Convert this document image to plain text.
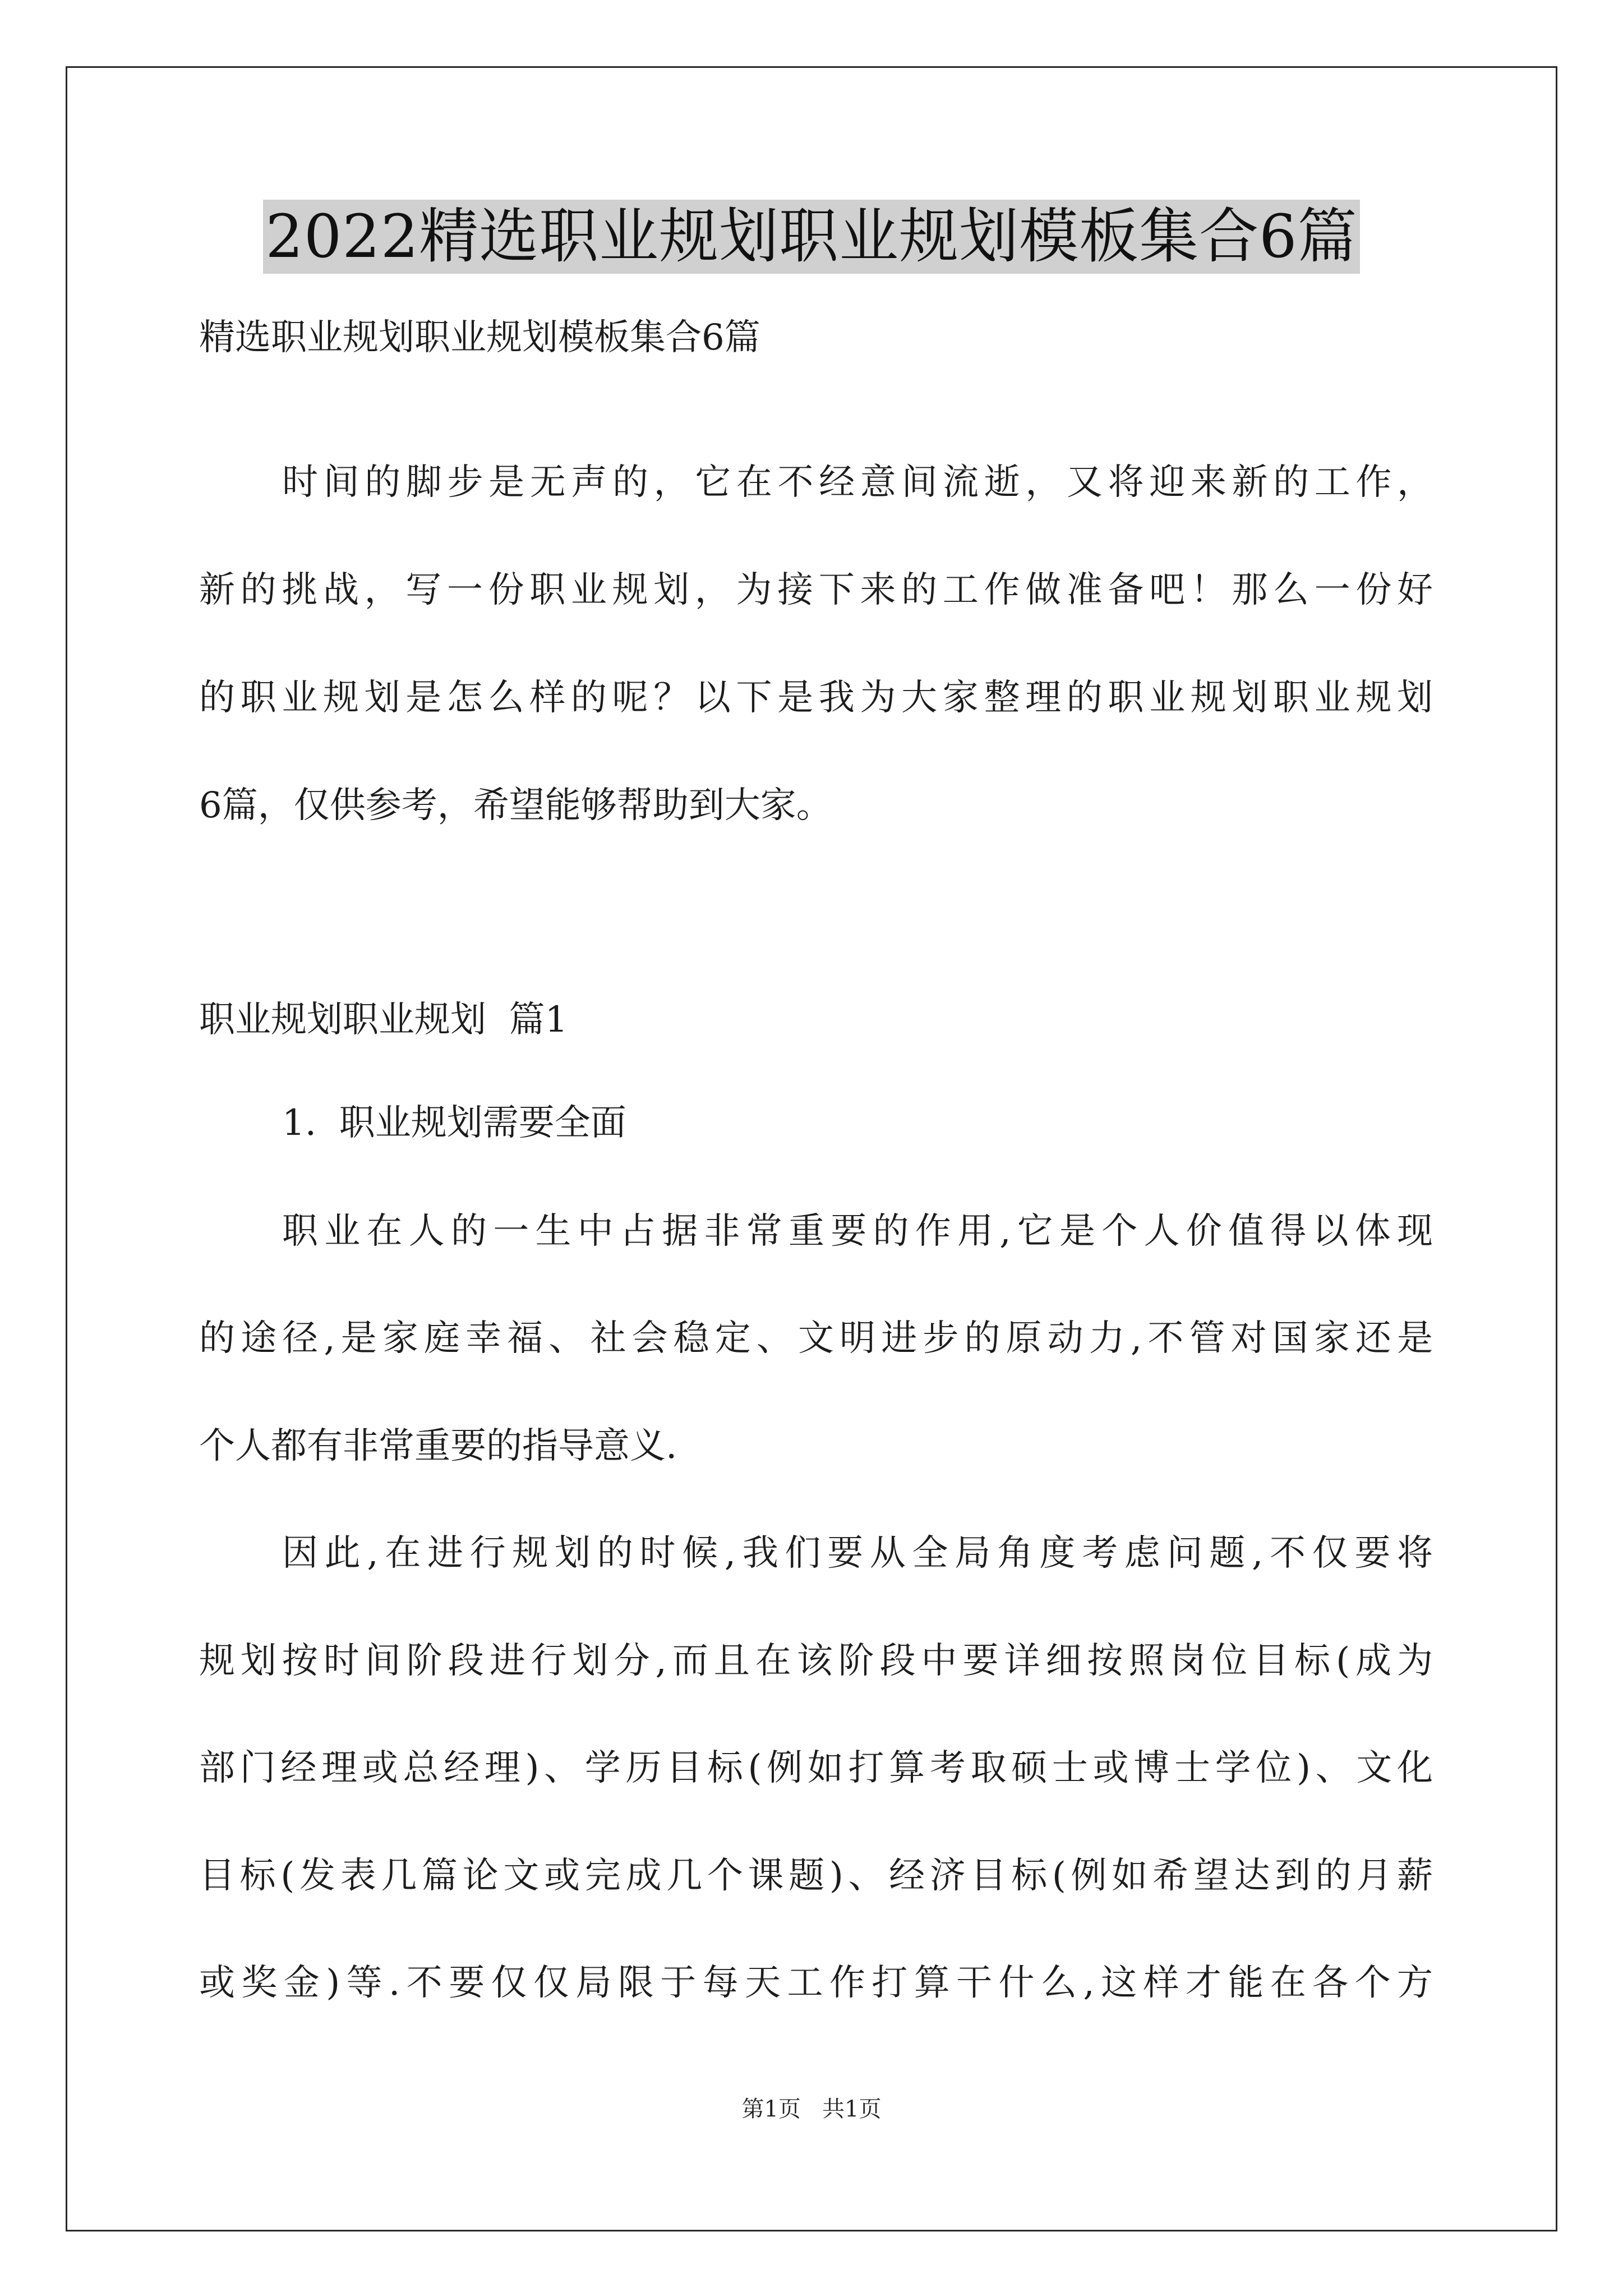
2022精选职业规划职业规划模板集合6篇
精选职业规划职业规划模板集合6篇
时间的脚步是无声的，它在不经意间流逝，又将迎来新的工作，
新的挑战，写一份职业规划，为接下来的工作做准备吧！那么一份好
的职业规划是怎么样的呢？以下是我为大家整理的职业规划职业规划
6篇，仅供参考，希望能够帮助到大家。
职业规划职业规划  篇1
1.  职业规划需要全面
职业在人的一生中占据非常重要的作用,它是个人价值得以体现
的途径,是家庭幸福、社会稳定、文明进步的原动力,不管对国家还是
个人都有非常重要的指导意义.
因此,在进行规划的时候,我们要从全局角度考虑问题,不仅要将
规划按时间阶段进行划分,而且在该阶段中要详细按照岗位目标(成为
部门经理或总经理)、学历目标(例如打算考取硕士或博士学位)、文化
目标(发表几篇论文或完成几个课题)、经济目标(例如希望达到的月薪
或奖金)等.不要仅仅局限于每天工作打算干什么,这样才能在各个方
第1页   共1页
